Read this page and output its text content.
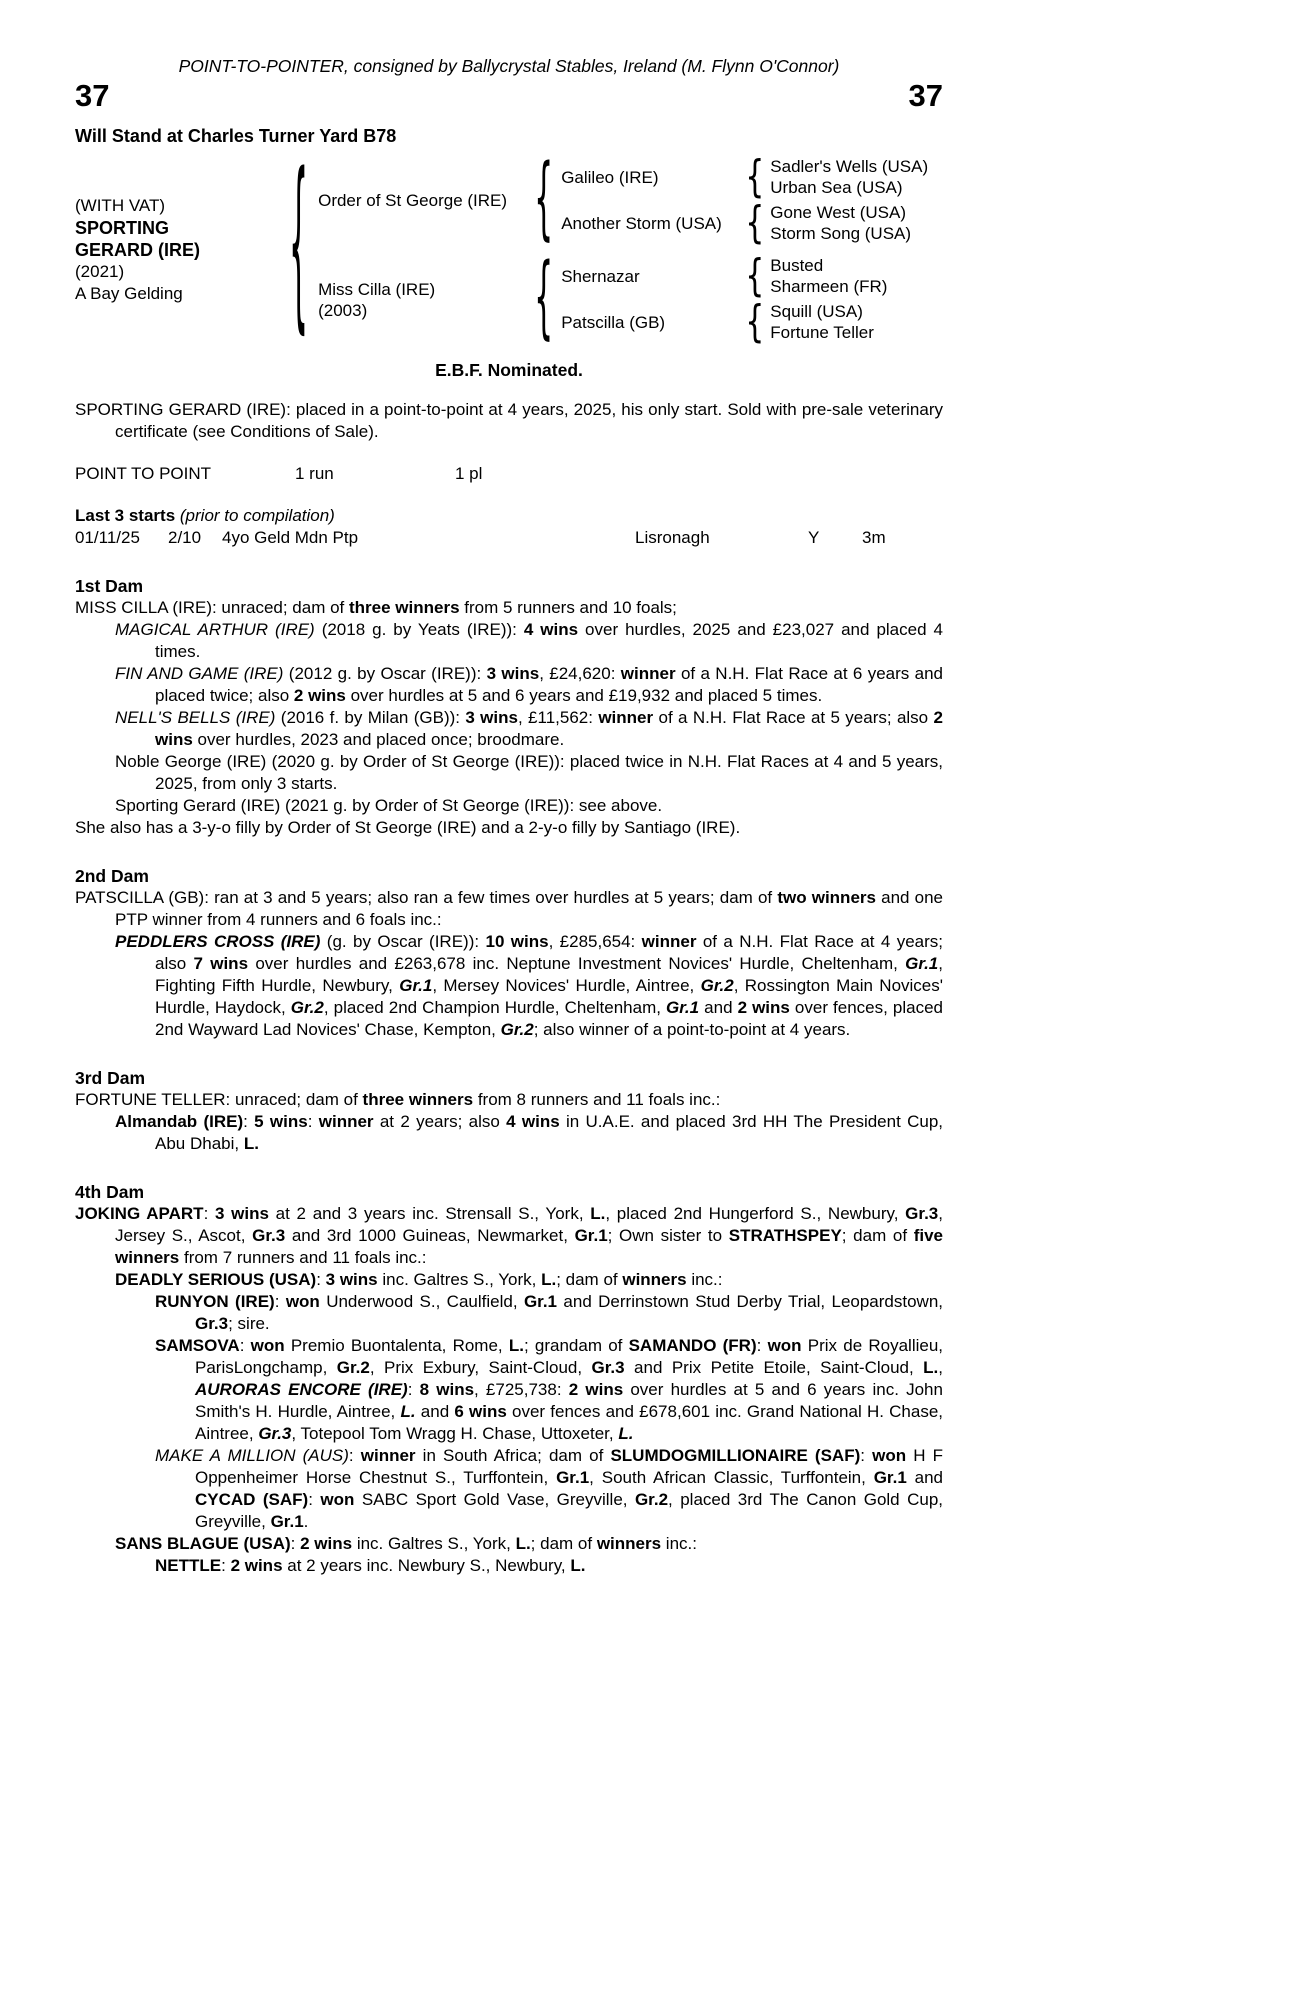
POINT-TO-POINTER, consigned by Ballycrystal Stables, Ireland (M. Flynn O'Connor)
37	37
Will Stand at Charles Turner Yard B78
(WITH VAT)
SPORTING GERARD (IRE)
(2021)
A Bay Gelding	{ Order of St George (IRE) { Galileo (IRE)	{ Sadler's Wells (USA)
Urban Sea (USA)
Another Storm (USA) { Gone West (USA)
Storm Song (USA)
Miss Cilla (IRE)
(2003)	{ Shernazar	{ Busted
Sharmeen (FR)
Patscilla (GB)	{ Squill (USA)
Fortune Teller
E.B.F. Nominated.

SPORTING GERARD (IRE): placed in a point-to-point at 4 years, 2025, his only start. Sold with pre-sale veterinary certificate (see Conditions of Sale).

POINT TO POINT	1 run	1 pl
Last 3 starts (prior to compilation)
01/11/25	2/10	4yo Geld Mdn Ptp	Lisronagh	Y	3m
1st Dam

MISS CILLA (IRE): unraced; dam of three winners from 5 runners and 10 foals;

MAGICAL ARTHUR (IRE) (2018 g. by Yeats (IRE)): 4 wins over hurdles, 2025 and £23,027 and placed 4 times.

FIN AND GAME (IRE) (2012 g. by Oscar (IRE)): 3 wins, £24,620: winner of a N.H. Flat Race at 6 years and placed twice; also 2 wins over hurdles at 5 and 6 years and £19,932 and placed 5 times.

NELL'S BELLS (IRE) (2016 f. by Milan (GB)): 3 wins, £11,562: winner of a N.H. Flat Race at 5 years; also 2 wins over hurdles, 2023 and placed once; broodmare.

Noble George (IRE) (2020 g. by Order of St George (IRE)): placed twice in N.H. Flat Races at 4 and 5 years, 2025, from only 3 starts.

Sporting Gerard (IRE) (2021 g. by Order of St George (IRE)): see above.

She also has a 3-y-o filly by Order of St George (IRE) and a 2-y-o filly by Santiago (IRE).

2nd Dam

PATSCILLA (GB): ran at 3 and 5 years; also ran a few times over hurdles at 5 years; dam of two winners and one PTP winner from 4 runners and 6 foals inc.:

PEDDLERS CROSS (IRE) (g. by Oscar (IRE)): 10 wins, £285,654: winner of a N.H. Flat Race at 4 years; also 7 wins over hurdles and £263,678 inc. Neptune Investment Novices' Hurdle, Cheltenham, Gr.1, Fighting Fifth Hurdle, Newbury, Gr.1, Mersey Novices' Hurdle, Aintree, Gr.2, Rossington Main Novices' Hurdle, Haydock, Gr.2, placed 2nd Champion Hurdle, Cheltenham, Gr.1 and 2 wins over fences, placed 2nd Wayward Lad Novices' Chase, Kempton, Gr.2; also winner of a point-to-point at 4 years.

3rd Dam

FORTUNE TELLER: unraced; dam of three winners from 8 runners and 11 foals inc.:

Almandab (IRE): 5 wins: winner at 2 years; also 4 wins in U.A.E. and placed 3rd HH The President Cup, Abu Dhabi, L.

4th Dam

JOKING APART: 3 wins at 2 and 3 years inc. Strensall S., York, L., placed 2nd Hungerford S., Newbury, Gr.3, Jersey S., Ascot, Gr.3 and 3rd 1000 Guineas, Newmarket, Gr.1; Own sister to STRATHSPEY; dam of five winners from 7 runners and 11 foals inc.:

DEADLY SERIOUS (USA): 3 wins inc. Galtres S., York, L.; dam of winners inc.:

RUNYON (IRE): won Underwood S., Caulfield, Gr.1 and Derrinstown Stud Derby Trial, Leopardstown, Gr.3; sire.

SAMSOVA: won Premio Buontalenta, Rome, L.; grandam of SAMANDO (FR): won Prix de Royallieu, ParisLongchamp, Gr.2, Prix Exbury, Saint-Cloud, Gr.3 and Prix Petite Etoile, Saint-Cloud, L., AURORAS ENCORE (IRE): 8 wins, £725,738: 2 wins over hurdles at 5 and 6 years inc. John Smith's H. Hurdle, Aintree, L. and 6 wins over fences and £678,601 inc. Grand National H. Chase, Aintree, Gr.3, Totepool Tom Wragg H. Chase, Uttoxeter, L.

MAKE A MILLION (AUS): winner in South Africa; dam of SLUMDOGMILLIONAIRE (SAF): won H F Oppenheimer Horse Chestnut S., Turffontein, Gr.1, South African Classic, Turffontein, Gr.1 and CYCAD (SAF): won SABC Sport Gold Vase, Greyville, Gr.2, placed 3rd The Canon Gold Cup, Greyville, Gr.1.

SANS BLAGUE (USA): 2 wins inc. Galtres S., York, L.; dam of winners inc.:

NETTLE: 2 wins at 2 years inc. Newbury S., Newbury, L.
